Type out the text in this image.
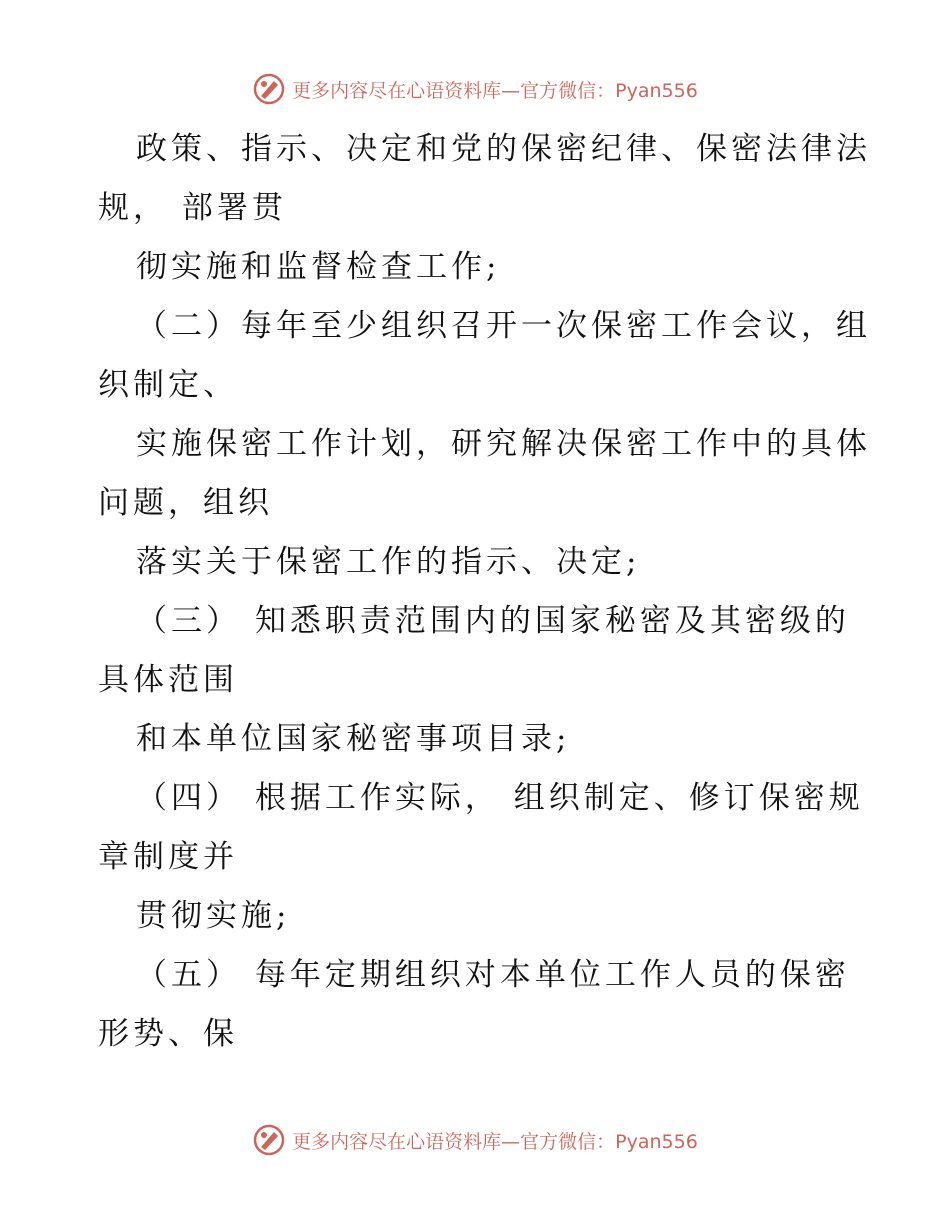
更多内容尽在心语资料库—官方微信：Pyan556
政策、指示、决定和党的保密纪律、保密法律法
规， 部署贯
彻实施和监督检查工作;
（二）每年至少组织召开一次保密工作会议，组
织制定、
实施保密工作计划，研究解决保密工作中的具体
问题，组织
落实关于保密工作的指示、决定;
（三） 知悉职责范围内的国家秘密及其密级的
具体范围
和本单位国家秘密事项目录;
（四） 根据工作实际， 组织制定、修订保密规
章制度并
贯彻实施;
（五） 每年定期组织对本单位工作人员的保密
形势、保
更多内容尽在心语资料库—官方微信：Pyan556
